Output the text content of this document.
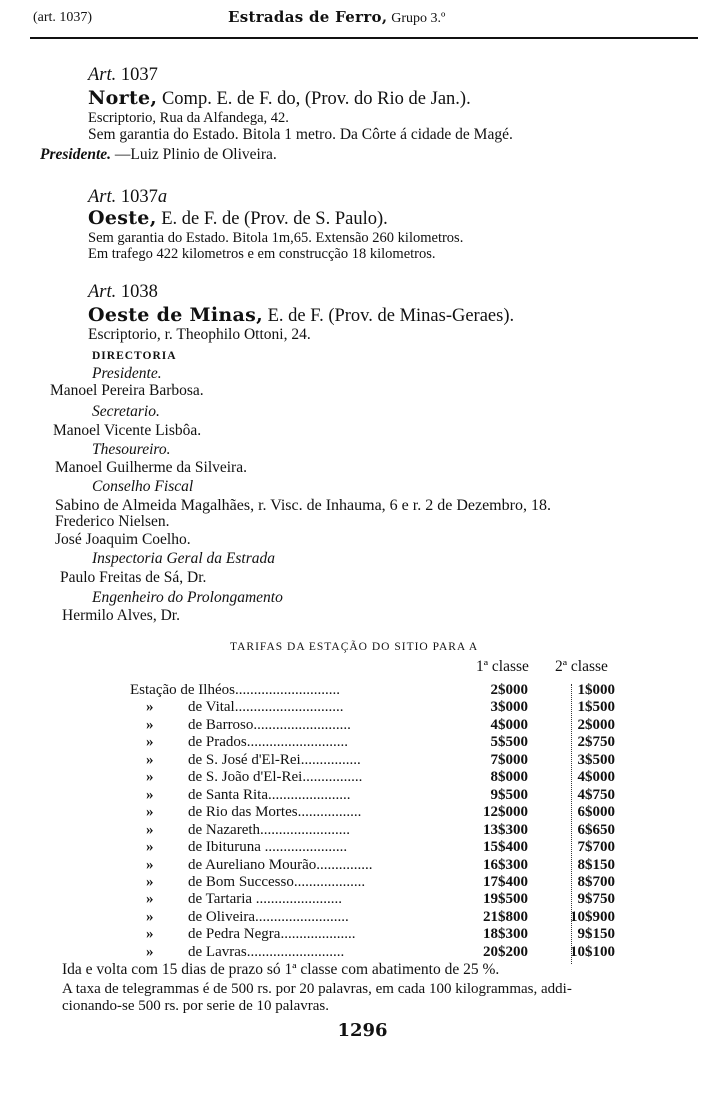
(art. 1037)	Estradas de Ferro, Grupo 3.º
Art. 1037
Norte, Comp. E. de F. do, (Prov. do Rio de Jan.).
Escriptorio, Rua da Alfandega, 42.
Sem garantia do Estado. Bitola 1 metro. Da Côrte á cidade de Magé.
Presidente. —Luiz Plinio de Oliveira.
Art. 1037a
Oeste, E. de F. de (Prov. de S. Paulo).
Sem garantia do Estado. Bitola 1m,65. Extensão 260 kilometros.
Em trafego 422 kilometros e em construcção 18 kilometros.
Art. 1038
Oeste de Minas, E. de F. (Prov. de Minas-Geraes).
Escriptorio, r. Theophilo Ottoni, 24.
DIRECTORIA
Presidente.
Manoel Pereira Barbosa.
Secretario.
Manoel Vicente Lisbôa.
Thesoureiro.
Manoel Guilherme da Silveira.
Conselho Fiscal
Sabino de Almeida Magalhães, r. Visc. de Inhauma, 6 e r. 2 de Dezembro, 18.
Frederico Nielsen.
José Joaquim Coelho.
Inspectoria Geral da Estrada
Paulo Freitas de Sá, Dr.
Engenheiro do Prolongamento
Hermilo Alves, Dr.
TARIFAS DA ESTAÇÃO DO SITIO PARA A
1ª classe 2ª classe
Estação de Ilhéos............................	2$000	1$000
» de Vital.............................	3$000	1$500
» de Barroso..........................	4$000	2$000
» de Prados...........................	5$500	2$750
» de S. José d'El-Rei................	7$000	3$500
» de S. João d'El-Rei................	8$000	4$000
» de Santa Rita......................	9$500	4$750
» de Rio das Mortes.................	12$000	6$000
» de Nazareth........................	13$300	6$650
» de Ibituruna ......................	15$400	7$700
» de Aureliano Mourão...............	16$300	8$150
» de Bom Successo...................	17$400	8$700
» de Tartaria .......................	19$500	9$750
» de Oliveira.........................	21$800	10$900
» de Pedra Negra....................	18$300	9$150
» de Lavras..........................	20$200	10$100
Ida e volta com 15 dias de prazo só 1ª classe com abatimento de 25 %.
A taxa de telegrammas é de 500 rs. por 20 palavras, em cada 100 kilogrammas, addi-
cionando-se 500 rs. por serie de 10 palavras.
1296
